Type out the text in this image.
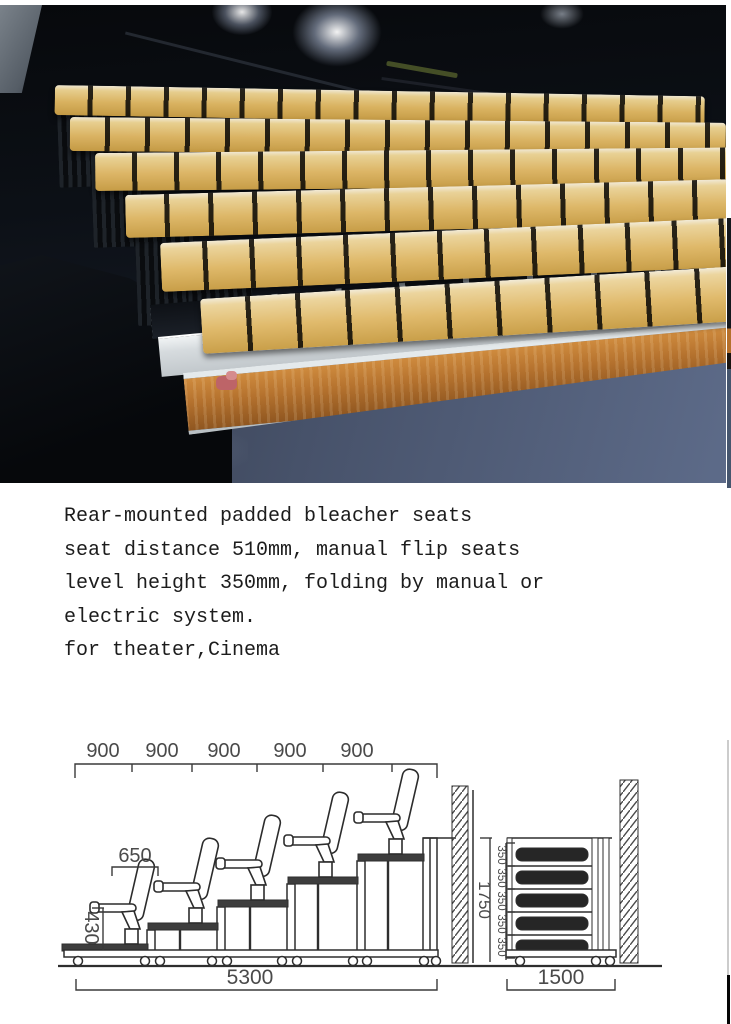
Rear-mounted padded bleacher seats
seat distance 510mm, manual flip seats
level height 350mm, folding by manual or
electric system.
for theater,Cinema
900 900 900 900 900
650
430
5300
1750
350
350
350
350
350
1500
